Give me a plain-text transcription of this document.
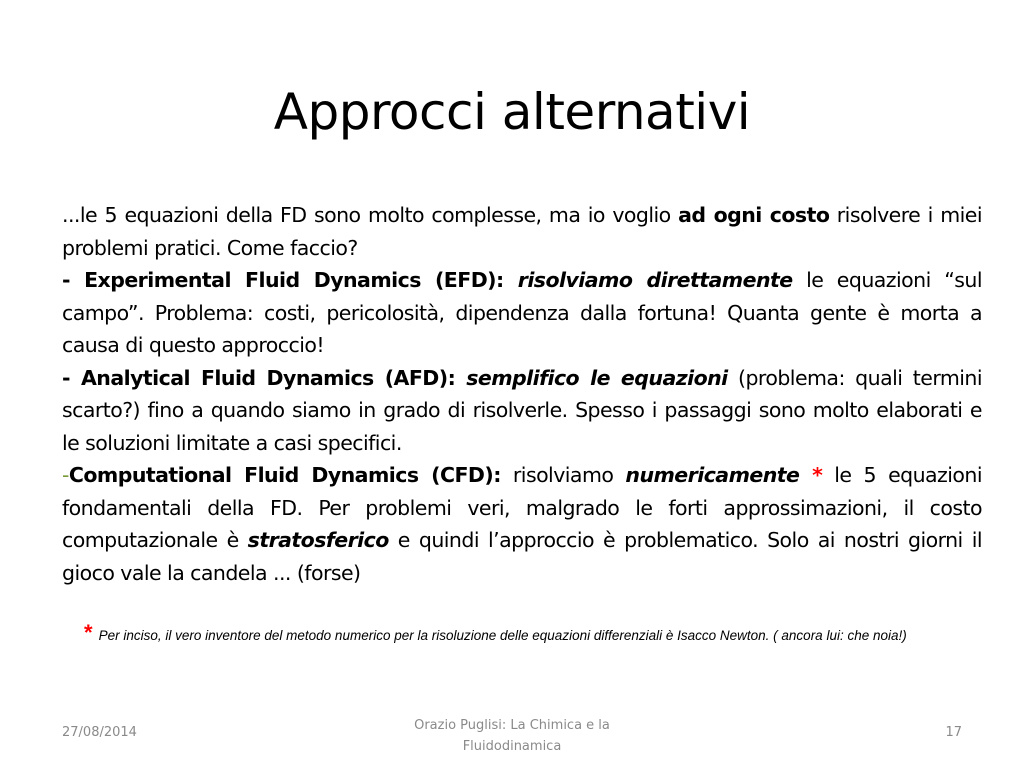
Approcci alternativi

...le 5 equazioni della FD sono molto complesse, ma io voglio ad ogni costo risolvere i miei problemi pratici. Come faccio?

- Experimental Fluid Dynamics (EFD): risolviamo direttamente le equazioni “sul campo”. Problema: costi, pericolosità, dipendenza dalla fortuna! Quanta gente è morta a causa di questo approccio!

- Analytical Fluid Dynamics (AFD): semplifico le equazioni (problema: quali termini scarto?) fino a quando siamo in grado di risolverle. Spesso i passaggi sono molto elaborati e le soluzioni limitate a casi specifici.

-Computational Fluid Dynamics (CFD): risolviamo numericamente * le 5 equazioni fondamentali della FD. Per problemi veri, malgrado le forti approssimazioni, il costo computazionale è stratosferico e quindi l’approccio è problematico. Solo ai nostri giorni il gioco vale la candela ... (forse)

* Per inciso, il vero inventore del metodo numerico per la risoluzione delle equazioni differenziali è Isacco Newton. ( ancora lui: che noia!)
27/08/2014	Orazio Puglisi: La Chimica e la Fluidodinamica
17
